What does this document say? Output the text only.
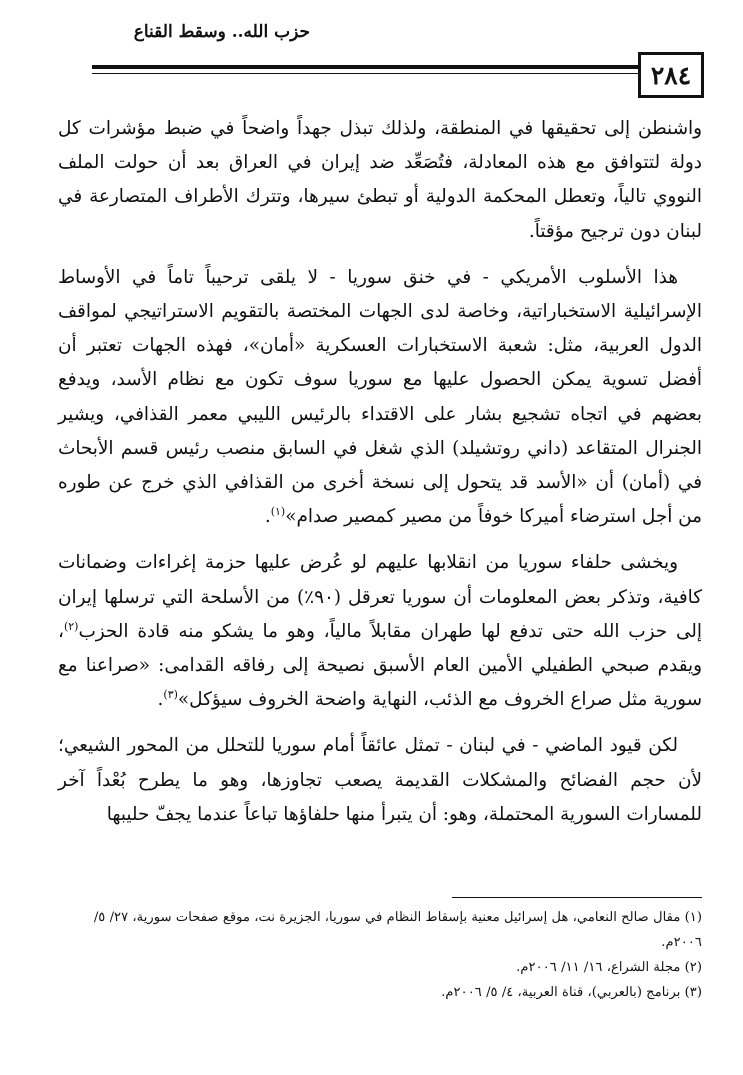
حزب الله.. وسقط القناع
٢٨٤

واشنطن إلى تحقيقها في المنطقة، ولذلك تبذل جهداً واضحاً في ضبط مؤشرات كل دولة لتتوافق مع هذه المعادلة، فتُصَعِّد ضد إيران في العراق بعد أن حولت الملف النووي تالياً، وتعطل المحكمة الدولية أو تبطئ سيرها، وتترك الأطراف المتصارعة في لبنان دون ترجيح مؤقتاً.

هذا الأسلوب الأمريكي - في خنق سوريا - لا يلقى ترحيباً تاماً في الأوساط الإسرائيلية الاستخباراتية، وخاصة لدى الجهات المختصة بالتقويم الاستراتيجي لمواقف الدول العربية، مثل: شعبة الاستخبارات العسكرية «أمان»، فهذه الجهات تعتبر أن أفضل تسوية يمكن الحصول عليها مع سوريا سوف تكون مع نظام الأسد، ويدفع بعضهم في اتجاه تشجيع بشار على الاقتداء بالرئيس الليبي معمر القذافي، ويشير الجنرال المتقاعد (داني روتشيلد) الذي شغل في السابق منصب رئيس قسم الأبحاث في (أمان) أن «الأسد قد يتحول إلى نسخة أخرى من القذافي الذي خرج عن طوره من أجل استرضاء أميركا خوفاً من مصير كمصير صدام»$^{(١)}$.

ويخشى حلفاء سوريا من انقلابها عليهم لو عُرض عليها حزمة إغراءات وضمانات كافية، وتذكر بعض المعلومات أن سوريا تعرقل (٩٠٪) من الأسلحة التي ترسلها إيران إلى حزب الله حتى تدفع لها طهران مقابلاً مالياً، وهو ما يشكو منه قادة الحزب$^{(٢)}$، ويقدم صبحي الطفيلي الأمين العام الأسبق نصيحة إلى رفاقه القدامى: «صراعنا مع سورية مثل صراع الخروف مع الذئب، النهاية واضحة الخروف سيؤكل»$^{(٣)}$.

لكن قيود الماضي - في لبنان - تمثل عائقاً أمام سوريا للتحلل من المحور الشيعي؛ لأن حجم الفضائح والمشكلات القديمة يصعب تجاوزها، وهو ما يطرح بُعْداً آخر للمسارات السورية المحتملة، وهو: أن يتبرأ منها حلفاؤها تباعاً عندما يجفّ حليبها

(١) مقال صالح النعامي، هل إسرائيل معنية بإسقاط النظام في سوريا، الجزيرة نت، موقع صفحات سورية، ٢٧/ ٥/ ٢٠٠٦م.
(٢) مجلة الشراع، ١٦/ ١١/ ٢٠٠٦م.
(٣) برنامج (بالعربي)، قناة العربية، ٤/ ٥/ ٢٠٠٦م.
